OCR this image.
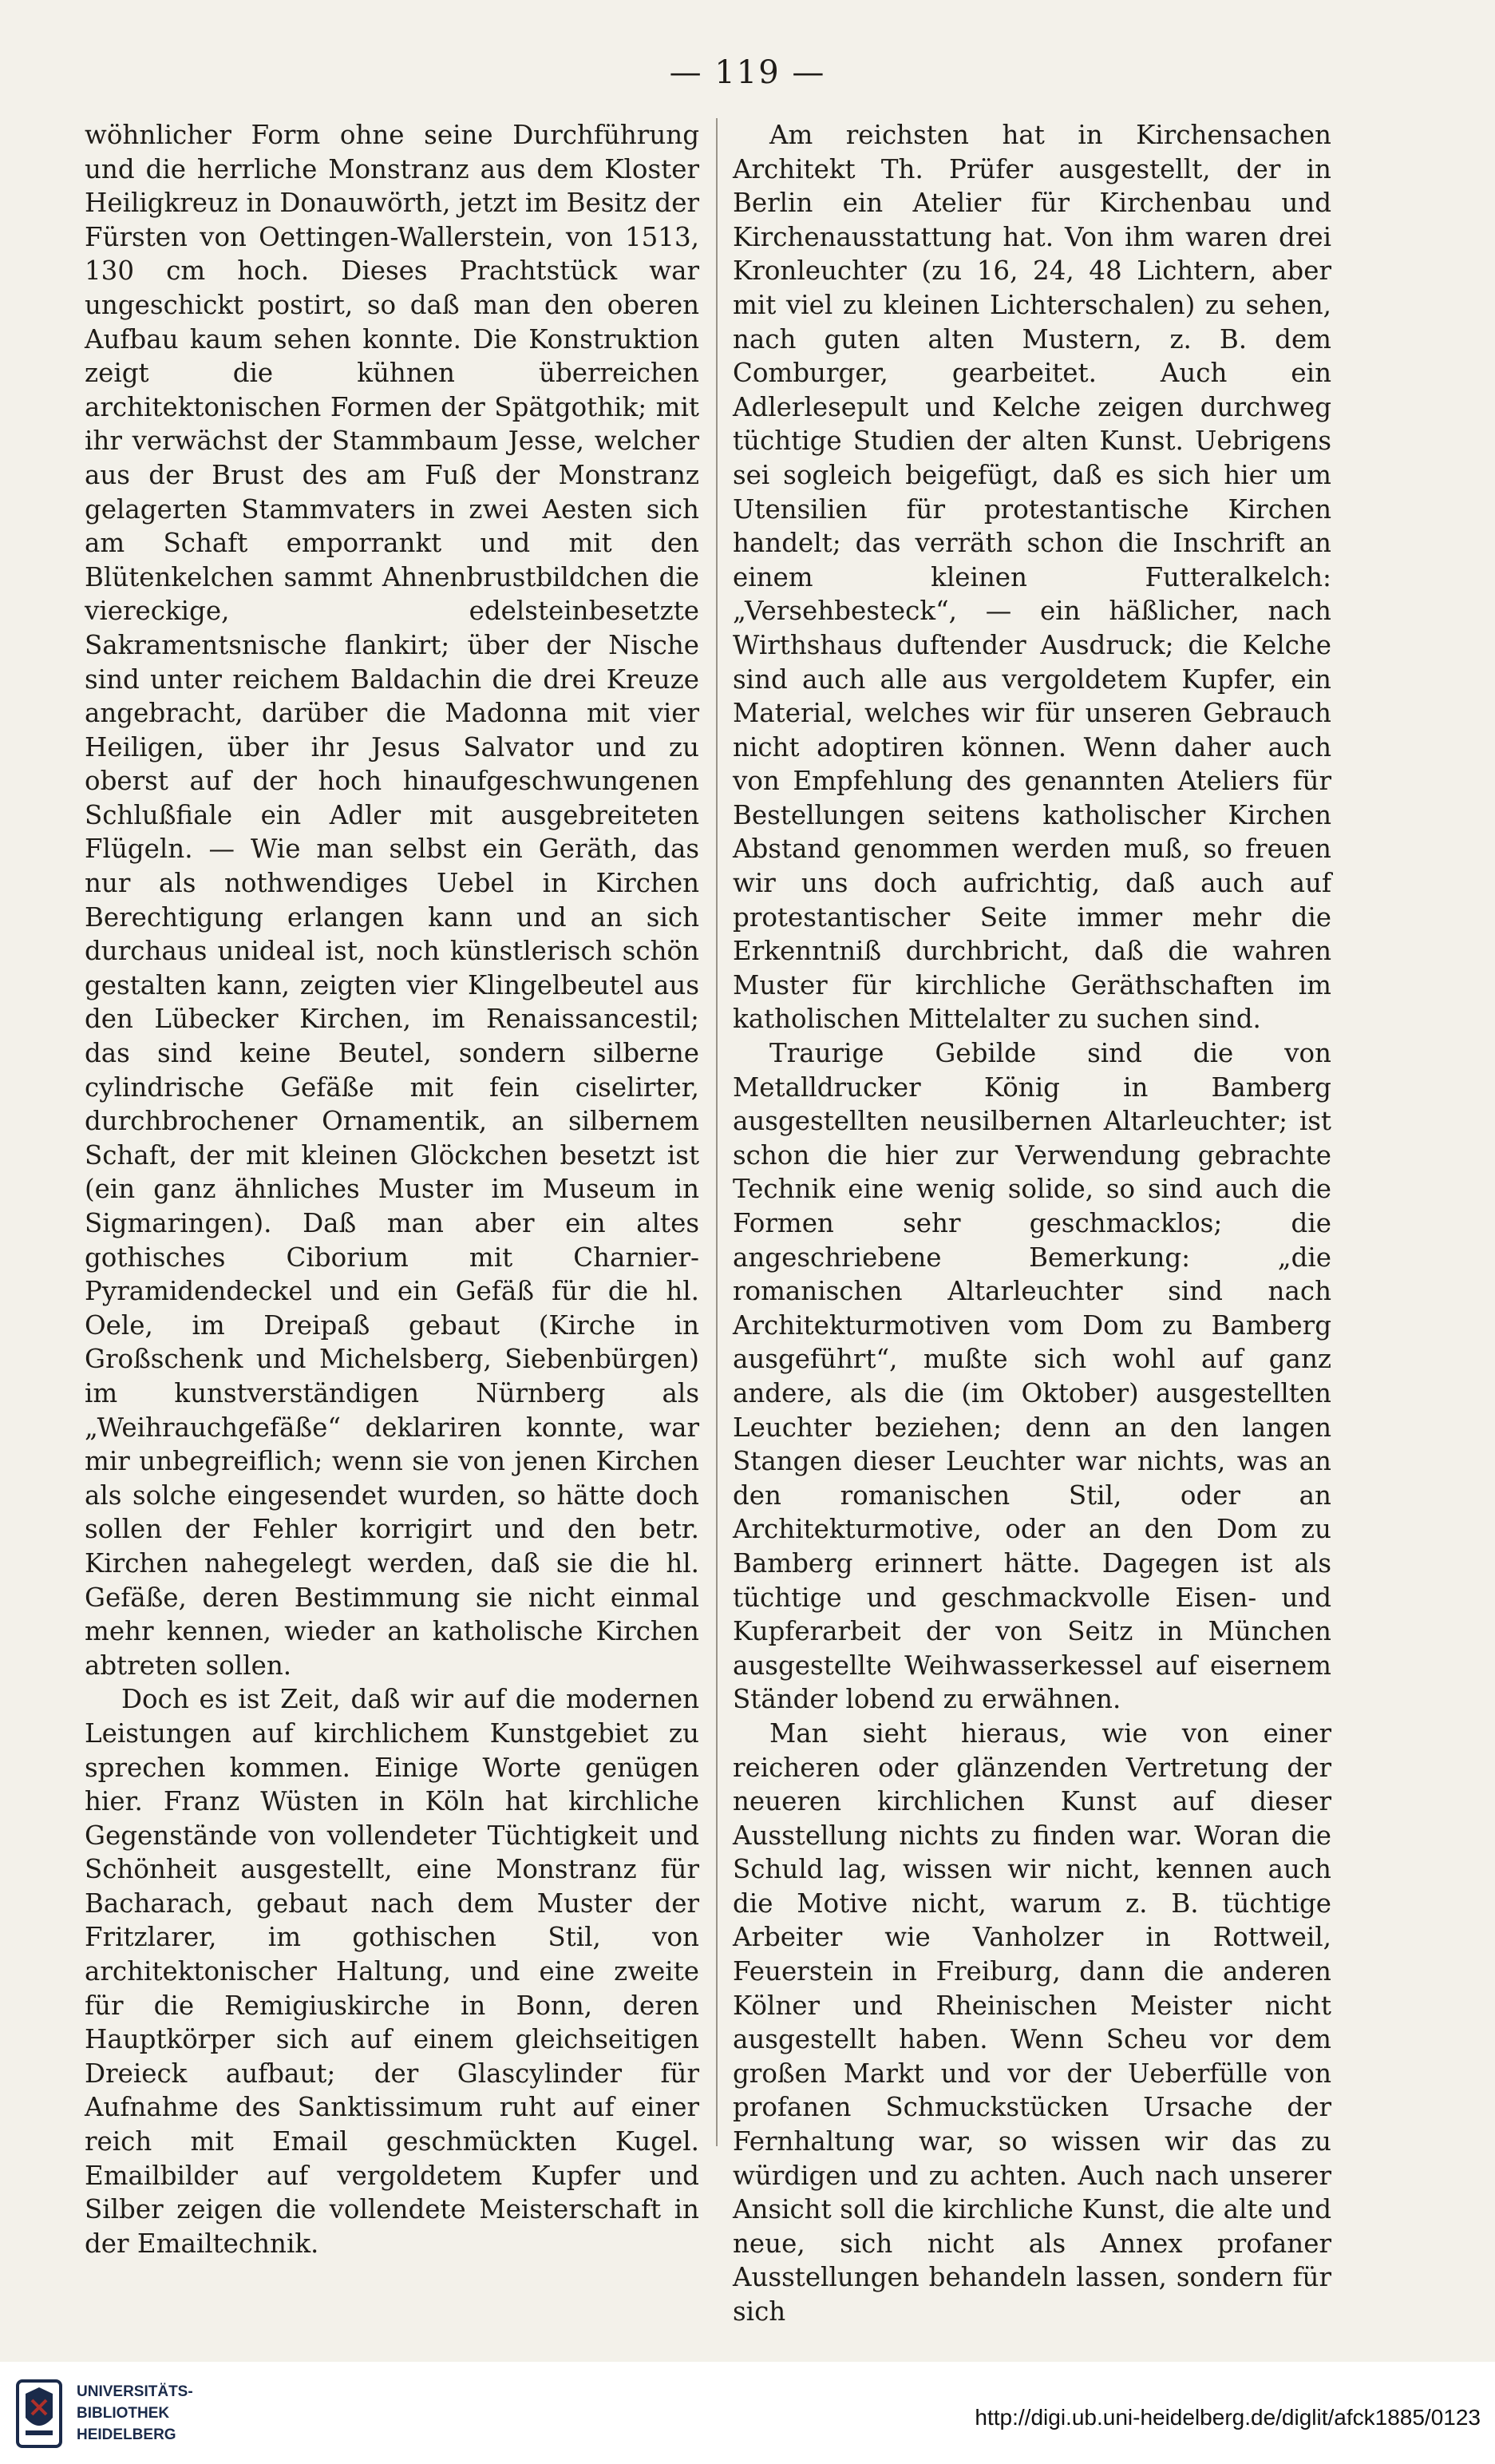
— 119 —

wöhnlicher Form ohne seine Durchführung und die herrliche Monstranz aus dem Kloster Heiligkreuz in Donauwörth, jetzt im Besitz der Fürsten von Oettingen-Wallerstein, von 1513, 130 cm hoch. Dieses Prachtstück war ungeschickt postirt, so daß man den oberen Aufbau kaum sehen konnte. Die Konstruktion zeigt die kühnen überreichen architektonischen Formen der Spätgothik; mit ihr verwächst der Stammbaum Jesse, welcher aus der Brust des am Fuß der Monstranz gelagerten Stammvaters in zwei Aesten sich am Schaft emporrankt und mit den Blütenkelchen sammt Ahnenbrustbildchen die viereckige, edelsteinbesetzte Sakramentsnische flankirt; über der Nische sind unter reichem Baldachin die drei Kreuze angebracht, darüber die Madonna mit vier Heiligen, über ihr Jesus Salvator und zu oberst auf der hoch hinaufgeschwungenen Schlußfiale ein Adler mit ausgebreiteten Flügeln. — Wie man selbst ein Geräth, das nur als nothwendiges Uebel in Kirchen Berechtigung erlangen kann und an sich durchaus unideal ist, noch künstlerisch schön gestalten kann, zeigten vier Klingelbeutel aus den Lübecker Kirchen, im Renaissancestil; das sind keine Beutel, sondern silberne cylindrische Gefäße mit fein ciselirter, durchbrochener Ornamentik, an silbernem Schaft, der mit kleinen Glöckchen besetzt ist (ein ganz ähnliches Muster im Museum in Sigmaringen). Daß man aber ein altes gothisches Ciborium mit Charnier-Pyramidendeckel und ein Gefäß für die hl. Oele, im Dreipaß gebaut (Kirche in Großschenk und Michelsberg, Siebenbürgen) im kunstverständigen Nürnberg als „Weihrauchgefäße“ deklariren konnte, war mir unbegreiflich; wenn sie von jenen Kirchen als solche eingesendet wurden, so hätte doch sollen der Fehler korrigirt und den betr. Kirchen nahegelegt werden, daß sie die hl. Gefäße, deren Bestimmung sie nicht einmal mehr kennen, wieder an katholische Kirchen abtreten sollen.

Doch es ist Zeit, daß wir auf die modernen Leistungen auf kirchlichem Kunstgebiet zu sprechen kommen. Einige Worte genügen hier. Franz Wüsten in Köln hat kirchliche Gegenstände von vollendeter Tüchtigkeit und Schönheit ausgestellt, eine Monstranz für Bacharach, gebaut nach dem Muster der Fritzlarer, im gothischen Stil, von architektonischer Haltung, und eine zweite für die Remigiuskirche in Bonn, deren Hauptkörper sich auf einem gleichseitigen Dreieck aufbaut; der Glascylinder für Aufnahme des Sanktissimum ruht auf einer reich mit Email geschmückten Kugel. Emailbilder auf vergoldetem Kupfer und Silber zeigen die vollendete Meisterschaft in der Emailtechnik.

Am reichsten hat in Kirchensachen Architekt Th. Prüfer ausgestellt, der in Berlin ein Atelier für Kirchenbau und Kirchenausstattung hat. Von ihm waren drei Kronleuchter (zu 16, 24, 48 Lichtern, aber mit viel zu kleinen Lichterschalen) zu sehen, nach guten alten Mustern, z. B. dem Comburger, gearbeitet. Auch ein Adlerlesepult und Kelche zeigen durchweg tüchtige Studien der alten Kunst. Uebrigens sei sogleich beigefügt, daß es sich hier um Utensilien für protestantische Kirchen handelt; das verräth schon die Inschrift an einem kleinen Futteralkelch: „Versehbesteck“, — ein häßlicher, nach Wirthshaus duftender Ausdruck; die Kelche sind auch alle aus vergoldetem Kupfer, ein Material, welches wir für unseren Gebrauch nicht adoptiren können. Wenn daher auch von Empfehlung des genannten Ateliers für Bestellungen seitens katholischer Kirchen Abstand genommen werden muß, so freuen wir uns doch aufrichtig, daß auch auf protestantischer Seite immer mehr die Erkenntniß durchbricht, daß die wahren Muster für kirchliche Geräthschaften im katholischen Mittelalter zu suchen sind.

Traurige Gebilde sind die von Metalldrucker König in Bamberg ausgestellten neusilbernen Altarleuchter; ist schon die hier zur Verwendung gebrachte Technik eine wenig solide, so sind auch die Formen sehr geschmacklos; die angeschriebene Bemerkung: „die romanischen Altarleuchter sind nach Architekturmotiven vom Dom zu Bamberg ausgeführt“, mußte sich wohl auf ganz andere, als die (im Oktober) ausgestellten Leuchter beziehen; denn an den langen Stangen dieser Leuchter war nichts, was an den romanischen Stil, oder an Architekturmotive, oder an den Dom zu Bamberg erinnert hätte. Dagegen ist als tüchtige und geschmackvolle Eisen- und Kupferarbeit der von Seitz in München ausgestellte Weihwasserkessel auf eisernem Ständer lobend zu erwähnen.

Man sieht hieraus, wie von einer reicheren oder glänzenden Vertretung der neueren kirchlichen Kunst auf dieser Ausstellung nichts zu finden war. Woran die Schuld lag, wissen wir nicht, kennen auch die Motive nicht, warum z. B. tüchtige Arbeiter wie Vanholzer in Rottweil, Feuerstein in Freiburg, dann die anderen Kölner und Rheinischen Meister nicht ausgestellt haben. Wenn Scheu vor dem großen Markt und vor der Ueberfülle von profanen Schmuckstücken Ursache der Fernhaltung war, so wissen wir das zu würdigen und zu achten. Auch nach unserer Ansicht soll die kirchliche Kunst, die alte und neue, sich nicht als Annex profaner Ausstellungen behandeln lassen, sondern für sich

UNIVERSITÄTS-
BIBLIOTHEK
HEIDELBERG
http://digi.ub.uni-heidelberg.de/diglit/afck1885/0123
